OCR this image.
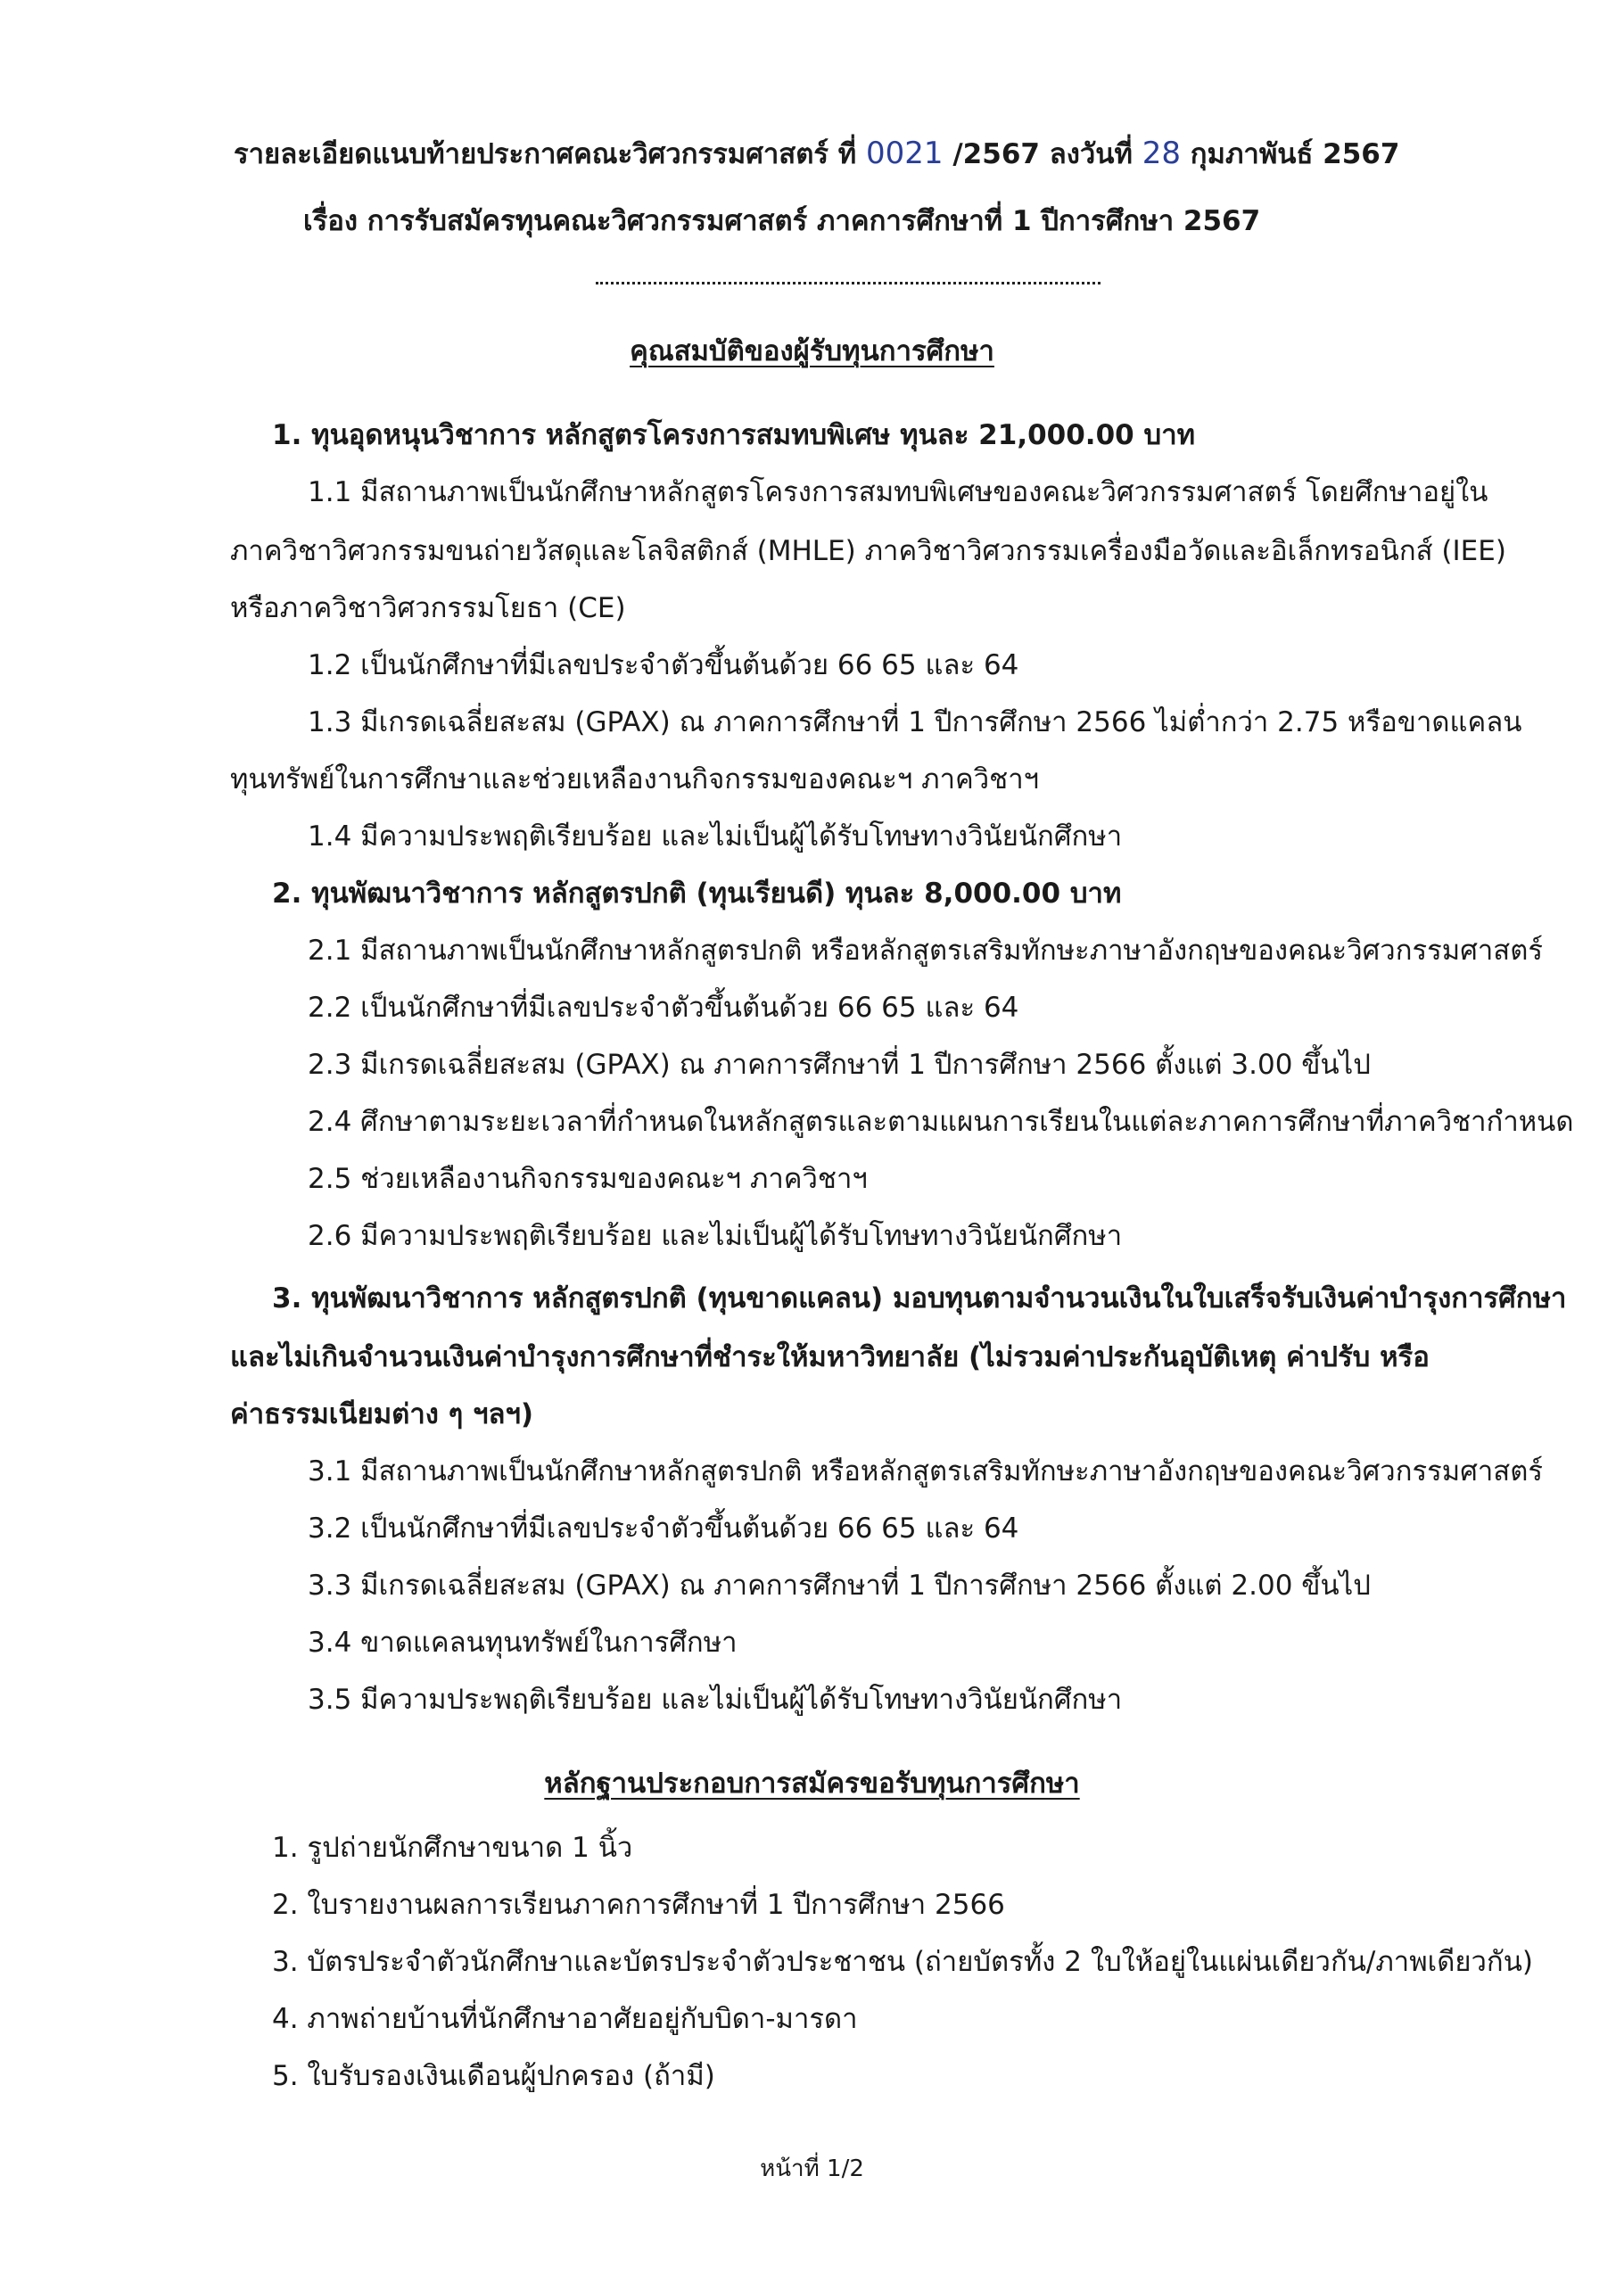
รายละเอียดแนบท้ายประกาศคณะวิศวกรรมศาสตร์ ที่ 0021 /2567 ลงวันที่ 28 กุมภาพันธ์ 2567
เรื่อง การรับสมัครทุนคณะวิศวกรรมศาสตร์ ภาคการศึกษาที่ 1 ปีการศึกษา 2567
คุณสมบัติของผู้รับทุนการศึกษา
1. ทุนอุดหนุนวิชาการ หลักสูตรโครงการสมทบพิเศษ ทุนละ 21,000.00 บาท
1.1 มีสถานภาพเป็นนักศึกษาหลักสูตรโครงการสมทบพิเศษของคณะวิศวกรรมศาสตร์ โดยศึกษาอยู่ใน
ภาควิชาวิศวกรรมขนถ่ายวัสดุและโลจิสติกส์ (MHLE) ภาควิชาวิศวกรรมเครื่องมือวัดและอิเล็กทรอนิกส์ (IEE)
หรือภาควิชาวิศวกรรมโยธา (CE)
1.2 เป็นนักศึกษาที่มีเลขประจำตัวขึ้นต้นด้วย 66 65 และ 64
1.3 มีเกรดเฉลี่ยสะสม (GPAX) ณ ภาคการศึกษาที่ 1 ปีการศึกษา 2566 ไม่ต่ำกว่า 2.75 หรือขาดแคลน
ทุนทรัพย์ในการศึกษาและช่วยเหลืองานกิจกรรมของคณะฯ ภาควิชาฯ
1.4 มีความประพฤติเรียบร้อย และไม่เป็นผู้ได้รับโทษทางวินัยนักศึกษา
2. ทุนพัฒนาวิชาการ หลักสูตรปกติ (ทุนเรียนดี) ทุนละ 8,000.00 บาท
2.1 มีสถานภาพเป็นนักศึกษาหลักสูตรปกติ หรือหลักสูตรเสริมทักษะภาษาอังกฤษของคณะวิศวกรรมศาสตร์
2.2 เป็นนักศึกษาที่มีเลขประจำตัวขึ้นต้นด้วย 66 65 และ 64
2.3 มีเกรดเฉลี่ยสะสม (GPAX) ณ ภาคการศึกษาที่ 1 ปีการศึกษา 2566 ตั้งแต่ 3.00 ขึ้นไป
2.4 ศึกษาตามระยะเวลาที่กำหนดในหลักสูตรและตามแผนการเรียนในแต่ละภาคการศึกษาที่ภาควิชากำหนด
2.5 ช่วยเหลืองานกิจกรรมของคณะฯ ภาควิชาฯ
2.6 มีความประพฤติเรียบร้อย และไม่เป็นผู้ได้รับโทษทางวินัยนักศึกษา
3. ทุนพัฒนาวิชาการ หลักสูตรปกติ (ทุนขาดแคลน) มอบทุนตามจำนวนเงินในใบเสร็จรับเงินค่าบำรุงการศึกษา
และไม่เกินจำนวนเงินค่าบำรุงการศึกษาที่ชำระให้มหาวิทยาลัย (ไม่รวมค่าประกันอุบัติเหตุ ค่าปรับ หรือ
ค่าธรรมเนียมต่าง ๆ ฯลฯ)
3.1 มีสถานภาพเป็นนักศึกษาหลักสูตรปกติ หรือหลักสูตรเสริมทักษะภาษาอังกฤษของคณะวิศวกรรมศาสตร์
3.2 เป็นนักศึกษาที่มีเลขประจำตัวขึ้นต้นด้วย 66 65 และ 64
3.3 มีเกรดเฉลี่ยสะสม (GPAX) ณ ภาคการศึกษาที่ 1 ปีการศึกษา 2566 ตั้งแต่ 2.00 ขึ้นไป
3.4 ขาดแคลนทุนทรัพย์ในการศึกษา
3.5 มีความประพฤติเรียบร้อย และไม่เป็นผู้ได้รับโทษทางวินัยนักศึกษา
หลักฐานประกอบการสมัครขอรับทุนการศึกษา
1. รูปถ่ายนักศึกษาขนาด 1 นิ้ว
2. ใบรายงานผลการเรียนภาคการศึกษาที่ 1 ปีการศึกษา 2566
3. บัตรประจำตัวนักศึกษาและบัตรประจำตัวประชาชน (ถ่ายบัตรทั้ง 2 ใบให้อยู่ในแผ่นเดียวกัน/ภาพเดียวกัน)
4. ภาพถ่ายบ้านที่นักศึกษาอาศัยอยู่กับบิดา-มารดา
5. ใบรับรองเงินเดือนผู้ปกครอง (ถ้ามี)
หน้าที่ 1/2
